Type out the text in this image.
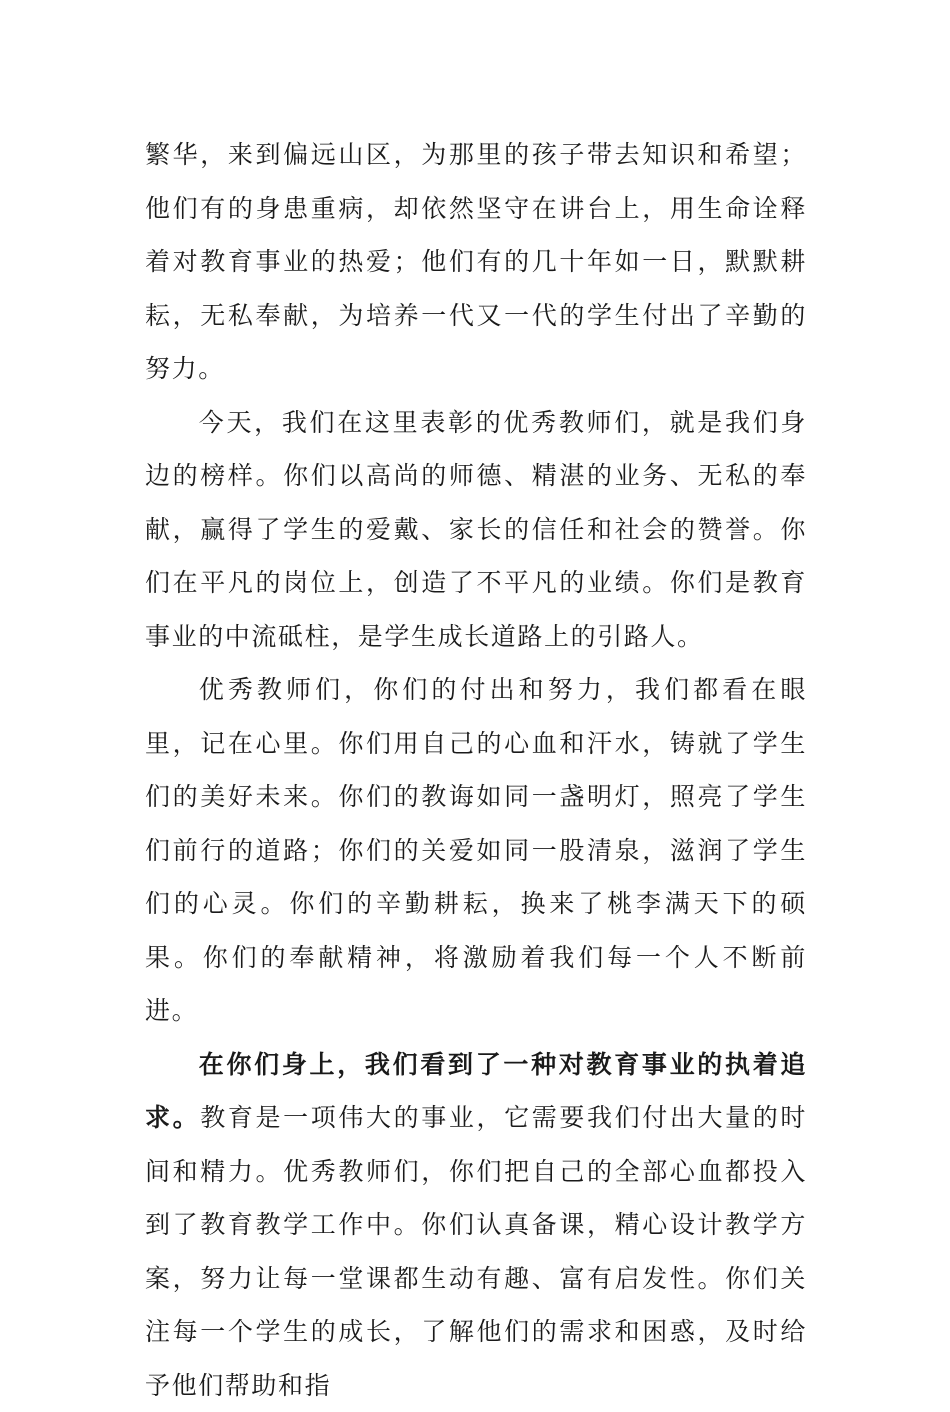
繁华，来到偏远山区，为那里的孩子带去知识和希望；他们有的身患重病，却依然坚守在讲台上，用生命诠释着对教育事业的热爱；他们有的几十年如一日，默默耕耘，无私奉献，为培养一代又一代的学生付出了辛勤的努力。

今天，我们在这里表彰的优秀教师们，就是我们身边的榜样。你们以高尚的师德、精湛的业务、无私的奉献，赢得了学生的爱戴、家长的信任和社会的赞誉。你们在平凡的岗位上，创造了不平凡的业绩。你们是教育事业的中流砥柱，是学生成长道路上的引路人。

优秀教师们，你们的付出和努力，我们都看在眼里，记在心里。你们用自己的心血和汗水，铸就了学生们的美好未来。你们的教诲如同一盏明灯，照亮了学生们前行的道路；你们的关爱如同一股清泉，滋润了学生们的心灵。你们的辛勤耕耘，换来了桃李满天下的硕果。你们的奉献精神，将激励着我们每一个人不断前进。

在你们身上，我们看到了一种对教育事业的执着追求。教育是一项伟大的事业，它需要我们付出大量的时间和精力。优秀教师们，你们把自己的全部心血都投入到了教育教学工作中。你们认真备课，精心设计教学方案，努力让每一堂课都生动有趣、富有启发性。你们关注每一个学生的成长，了解他们的需求和困惑，及时给予他们帮助和指
